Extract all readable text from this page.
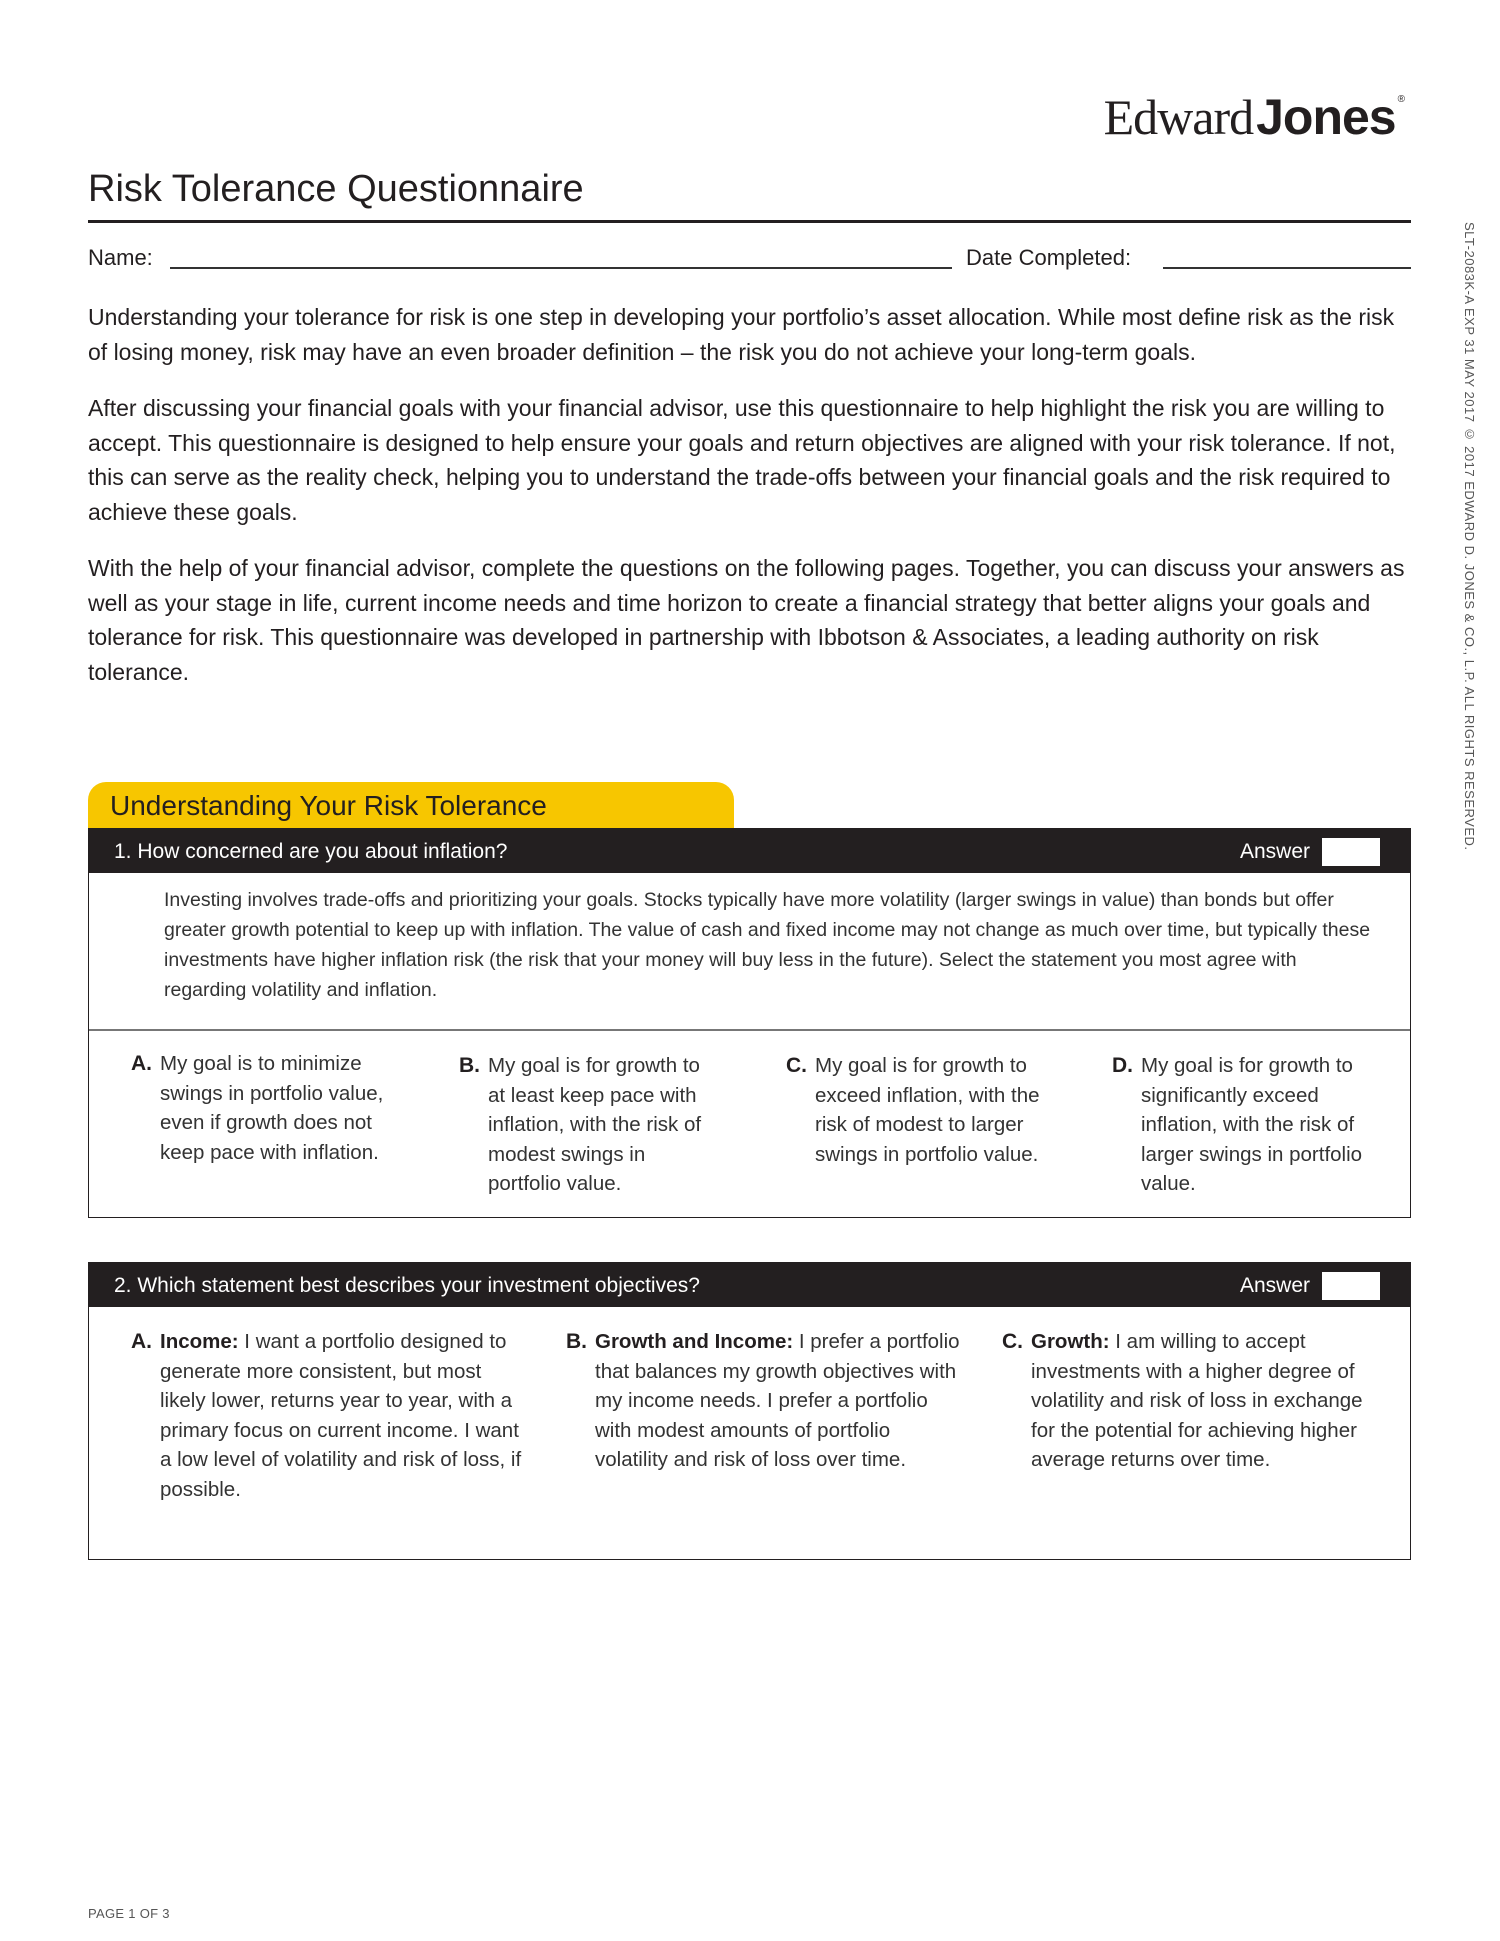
Edward Jones ®
Risk Tolerance Questionnaire
Name:	Date Completed:

Understanding your tolerance for risk is one step in developing your portfolio’s asset allocation. While most define risk as the risk of losing money, risk may have an even broader definition – the risk you do not achieve your long-term goals.

After discussing your financial goals with your financial advisor, use this questionnaire to help highlight the risk you are willing to accept. This questionnaire is designed to help ensure your goals and return objectives are aligned with your risk tolerance. If not, this can serve as the reality check, helping you to understand the trade-offs between your financial goals and the risk required to achieve these goals.

With the help of your financial advisor, complete the questions on the following pages. Together, you can discuss your answers as well as your stage in life, current income needs and time horizon to create a financial strategy that better aligns your goals and tolerance for risk. This questionnaire was developed in partnership with Ibbotson & Associates, a leading authority on risk tolerance.	SLT-2083K-A EXP 31 MAY 2017 © 2017 EDWARD D. JONES & CO., L.P. ALL RIGHTS RESERVED.
Understanding Your Risk Tolerance
1. How concerned are you about inflation?	Answer
Investing involves trade-offs and prioritizing your goals. Stocks typically have more volatility (larger swings in value) than bonds but offer greater growth potential to keep up with inflation. The value of cash and fixed income may not change as much over time, but typically these investments have higher inflation risk (the risk that your money will buy less in the future). Select the statement you most agree with regarding volatility and inflation.
A. My goal is to minimize swings in portfolio value, even if growth does not keep pace with inflation.
B. My goal is for growth to at least keep pace with inflation, with the risk of modest swings in portfolio value.
C. My goal is for growth to exceed inflation, with the risk of modest to larger swings in portfolio value.
D. My goal is for growth to significantly exceed inflation, with the risk of larger swings in portfolio value.
2. Which statement best describes your investment objectives?	Answer
A. Income: I want a portfolio designed to generate more consistent, but most likely lower, returns year to year, with a primary focus on current income. I want a low level of volatility and risk of loss, if possible.
B. Growth and Income: I prefer a portfolio that balances my growth objectives with my income needs. I prefer a portfolio with modest amounts of portfolio volatility and risk of loss over time.
C. Growth: I am willing to accept investments with a higher degree of volatility and risk of loss in exchange for the potential for achieving higher average returns over time.
PAGE 1 OF 3
